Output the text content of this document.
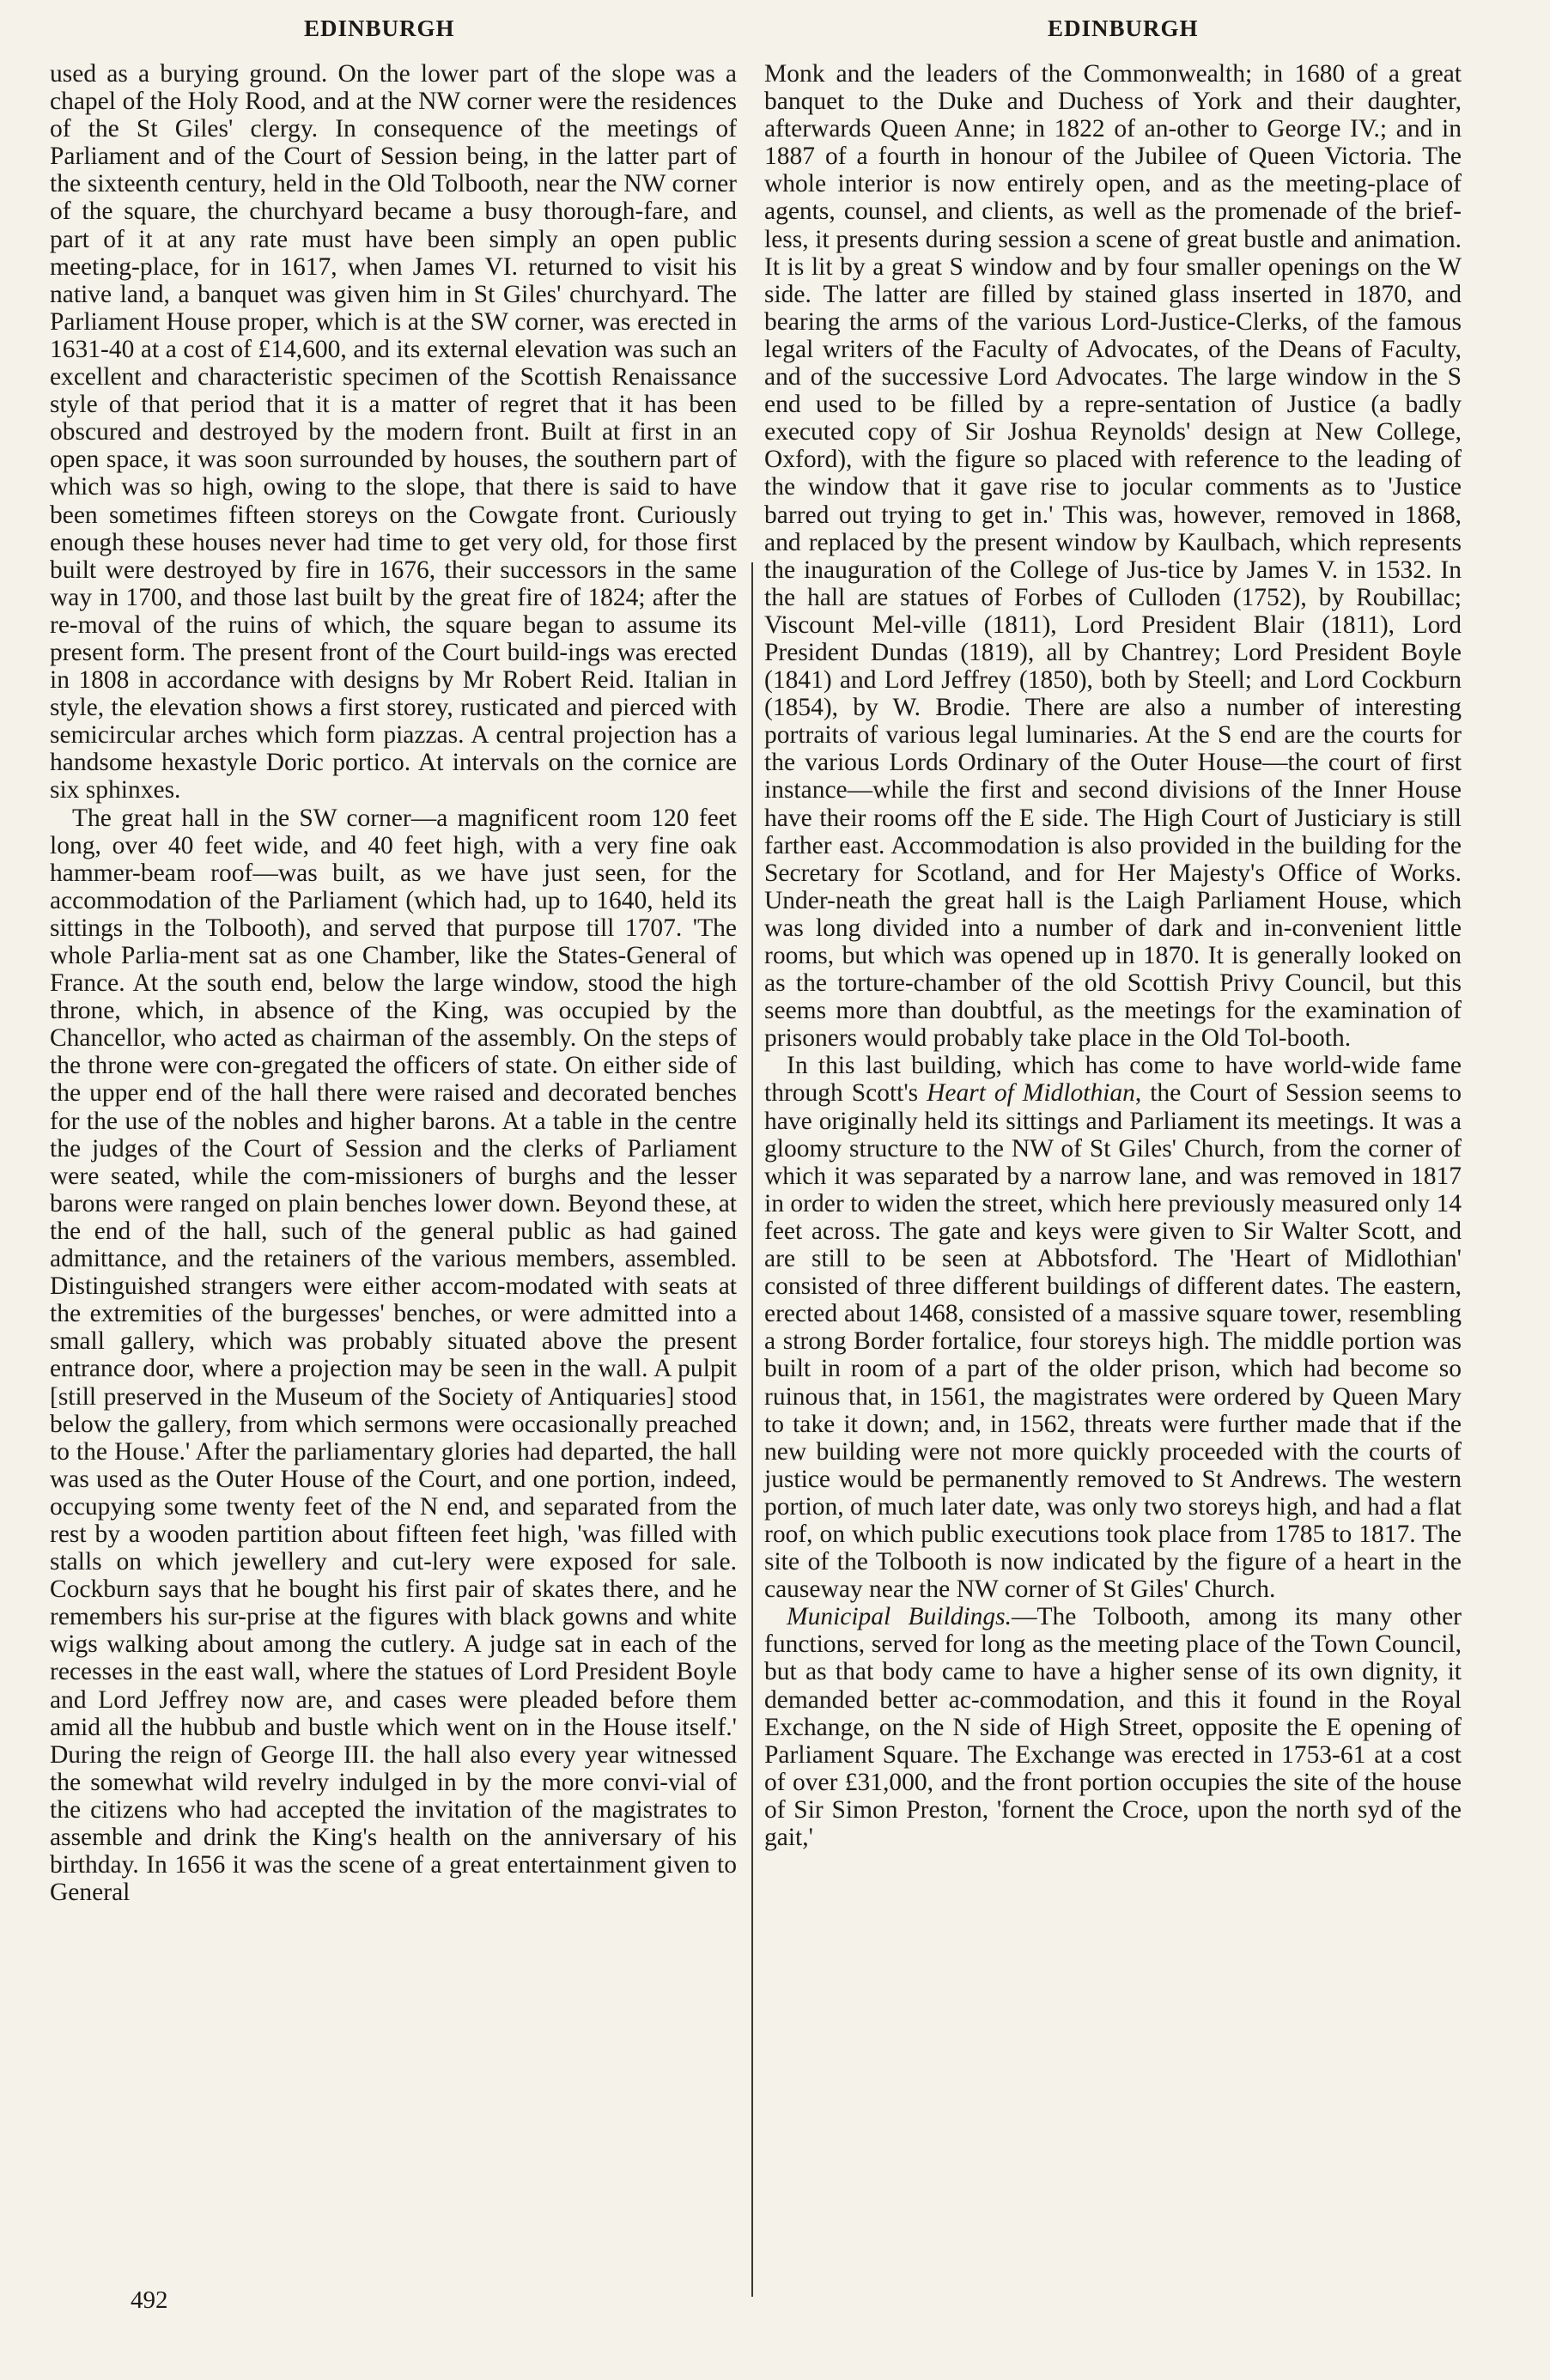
EDINBURGH	EDINBURGH

used as a burying ground. On the lower part of the slope was a chapel of the Holy Rood, and at the NW corner were the residences of the St Giles' clergy. In consequence of the meetings of Parliament and of the Court of Session being, in the latter part of the sixteenth century, held in the Old Tolbooth, near the NW corner of the square, the churchyard became a busy thorough-fare, and part of it at any rate must have been simply an open public meeting-place, for in 1617, when James VI. returned to visit his native land, a banquet was given him in St Giles' churchyard. The Parliament House proper, which is at the SW corner, was erected in 1631-40 at a cost of £14,600, and its external elevation was such an excellent and characteristic specimen of the Scottish Renaissance style of that period that it is a matter of regret that it has been obscured and destroyed by the modern front. Built at first in an open space, it was soon surrounded by houses, the southern part of which was so high, owing to the slope, that there is said to have been sometimes fifteen storeys on the Cowgate front. Curiously enough these houses never had time to get very old, for those first built were destroyed by fire in 1676, their successors in the same way in 1700, and those last built by the great fire of 1824; after the re-moval of the ruins of which, the square began to assume its present form. The present front of the Court build-ings was erected in 1808 in accordance with designs by Mr Robert Reid. Italian in style, the elevation shows a first storey, rusticated and pierced with semicircular arches which form piazzas. A central projection has a handsome hexastyle Doric portico. At intervals on the cornice are six sphinxes.

The great hall in the SW corner—a magnificent room 120 feet long, over 40 feet wide, and 40 feet high, with a very fine oak hammer-beam roof—was built, as we have just seen, for the accommodation of the Parliament (which had, up to 1640, held its sittings in the Tolbooth), and served that purpose till 1707. 'The whole Parlia-ment sat as one Chamber, like the States-General of France. At the south end, below the large window, stood the high throne, which, in absence of the King, was occupied by the Chancellor, who acted as chairman of the assembly. On the steps of the throne were con-gregated the officers of state. On either side of the upper end of the hall there were raised and decorated benches for the use of the nobles and higher barons. At a table in the centre the judges of the Court of Session and the clerks of Parliament were seated, while the com-missioners of burghs and the lesser barons were ranged on plain benches lower down. Beyond these, at the end of the hall, such of the general public as had gained admittance, and the retainers of the various members, assembled. Distinguished strangers were either accom-modated with seats at the extremities of the burgesses' benches, or were admitted into a small gallery, which was probably situated above the present entrance door, where a projection may be seen in the wall. A pulpit [still preserved in the Museum of the Society of Antiquaries] stood below the gallery, from which sermons were occasionally preached to the House.' After the parliamentary glories had departed, the hall was used as the Outer House of the Court, and one portion, indeed, occupying some twenty feet of the N end, and separated from the rest by a wooden partition about fifteen feet high, 'was filled with stalls on which jewellery and cut-lery were exposed for sale. Cockburn says that he bought his first pair of skates there, and he remembers his sur-prise at the figures with black gowns and white wigs walking about among the cutlery. A judge sat in each of the recesses in the east wall, where the statues of Lord President Boyle and Lord Jeffrey now are, and cases were pleaded before them amid all the hubbub and bustle which went on in the House itself.' During the reign of George III. the hall also every year witnessed the somewhat wild revelry indulged in by the more convi-vial of the citizens who had accepted the invitation of the magistrates to assemble and drink the King's health on the anniversary of his birthday. In 1656 it was the scene of a great entertainment given to General

Monk and the leaders of the Commonwealth; in 1680 of a great banquet to the Duke and Duchess of York and their daughter, afterwards Queen Anne; in 1822 of an-other to George IV.; and in 1887 of a fourth in honour of the Jubilee of Queen Victoria. The whole interior is now entirely open, and as the meeting-place of agents, counsel, and clients, as well as the promenade of the brief-less, it presents during session a scene of great bustle and animation. It is lit by a great S window and by four smaller openings on the W side. The latter are filled by stained glass inserted in 1870, and bearing the arms of the various Lord-Justice-Clerks, of the famous legal writers of the Faculty of Advocates, of the Deans of Faculty, and of the successive Lord Advocates. The large window in the S end used to be filled by a repre-sentation of Justice (a badly executed copy of Sir Joshua Reynolds' design at New College, Oxford), with the figure so placed with reference to the leading of the window that it gave rise to jocular comments as to 'Justice barred out trying to get in.' This was, however, removed in 1868, and replaced by the present window by Kaulbach, which represents the inauguration of the College of Jus-tice by James V. in 1532. In the hall are statues of Forbes of Culloden (1752), by Roubillac; Viscount Mel-ville (1811), Lord President Blair (1811), Lord President Dundas (1819), all by Chantrey; Lord President Boyle (1841) and Lord Jeffrey (1850), both by Steell; and Lord Cockburn (1854), by W. Brodie. There are also a number of interesting portraits of various legal luminaries. At the S end are the courts for the various Lords Ordinary of the Outer House—the court of first instance—while the first and second divisions of the Inner House have their rooms off the E side. The High Court of Justiciary is still farther east. Accommodation is also provided in the building for the Secretary for Scotland, and for Her Majesty's Office of Works. Under-neath the great hall is the Laigh Parliament House, which was long divided into a number of dark and in-convenient little rooms, but which was opened up in 1870. It is generally looked on as the torture-chamber of the old Scottish Privy Council, but this seems more than doubtful, as the meetings for the examination of prisoners would probably take place in the Old Tol-booth.

In this last building, which has come to have world-wide fame through Scott's Heart of Midlothian, the Court of Session seems to have originally held its sittings and Parliament its meetings. It was a gloomy structure to the NW of St Giles' Church, from the corner of which it was separated by a narrow lane, and was removed in 1817 in order to widen the street, which here previously measured only 14 feet across. The gate and keys were given to Sir Walter Scott, and are still to be seen at Abbotsford. The 'Heart of Midlothian' consisted of three different buildings of different dates. The eastern, erected about 1468, consisted of a massive square tower, resembling a strong Border fortalice, four storeys high. The middle portion was built in room of a part of the older prison, which had become so ruinous that, in 1561, the magistrates were ordered by Queen Mary to take it down; and, in 1562, threats were further made that if the new building were not more quickly proceeded with the courts of justice would be permanently removed to St Andrews. The western portion, of much later date, was only two storeys high, and had a flat roof, on which public executions took place from 1785 to 1817. The site of the Tolbooth is now indicated by the figure of a heart in the causeway near the NW corner of St Giles' Church.

Municipal Buildings.—The Tolbooth, among its many other functions, served for long as the meeting place of the Town Council, but as that body came to have a higher sense of its own dignity, it demanded better ac-commodation, and this it found in the Royal Exchange, on the N side of High Street, opposite the E opening of Parliament Square. The Exchange was erected in 1753-61 at a cost of over £31,000, and the front portion occupies the site of the house of Sir Simon Preston, 'fornent the Croce, upon the north syd of the gait,'

492
